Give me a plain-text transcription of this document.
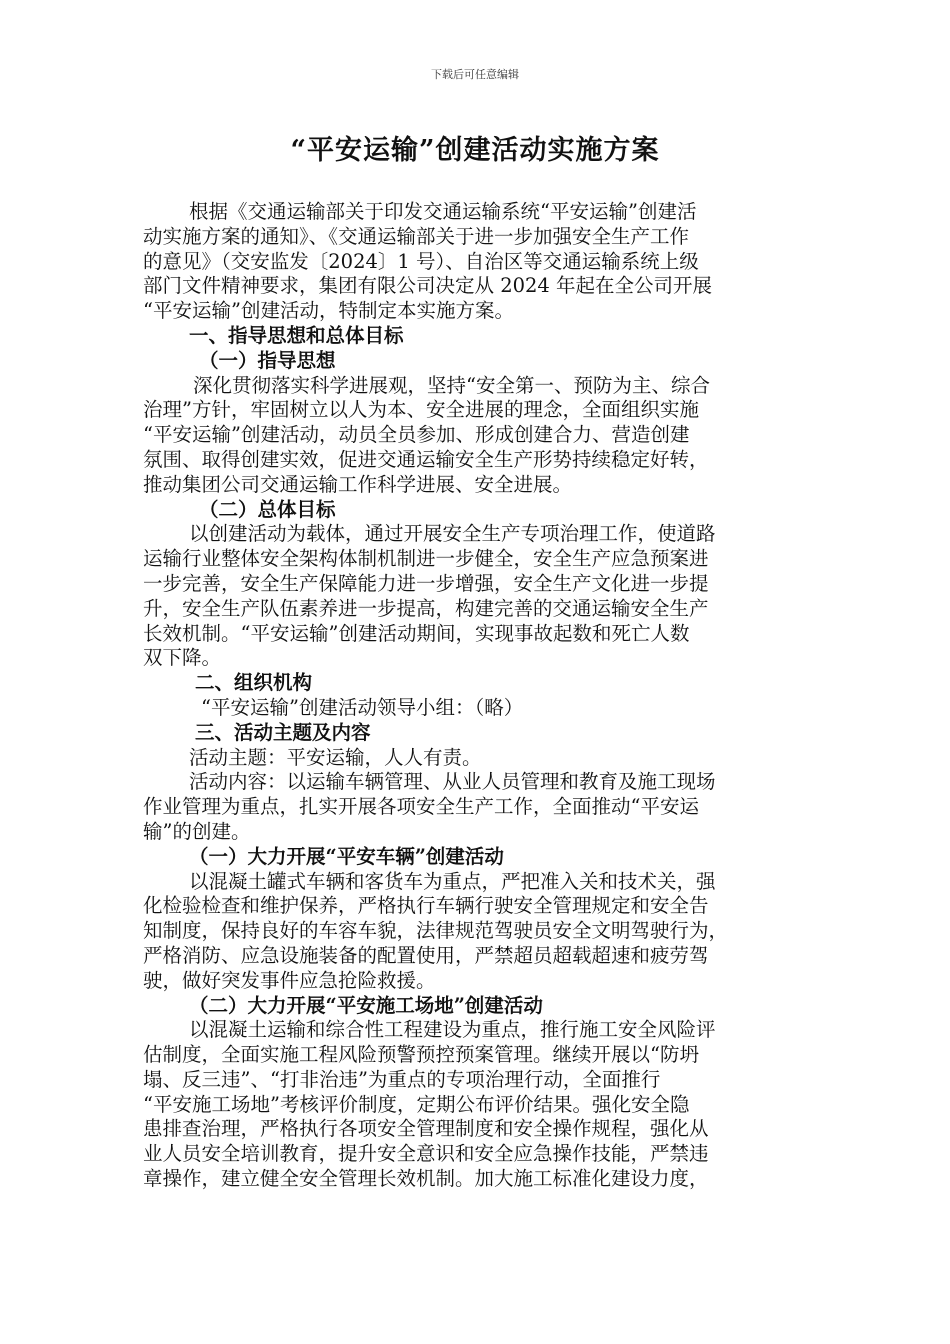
下载后可任意编辑
“平安运输”创建活动实施方案
根据《交通运输部关于印发交通运输系统“平安运输”创建活
动实施方案的通知》、《交通运输部关于进一步加强安全生产工作
的意见》（交安监发〔2024〕1 号）、自治区等交通运输系统上级
部门文件精神要求，集团有限公司决定从 2024 年起在全公司开展
“平安运输”创建活动，特制定本实施方案。
一、指导思想和总体目标
（一）指导思想
深化贯彻落实科学进展观，坚持“安全第一、预防为主、综合
治理”方针，牢固树立以人为本、安全进展的理念，全面组织实施
“平安运输”创建活动，动员全员参加、形成创建合力、营造创建
氛围、取得创建实效，促进交通运输安全生产形势持续稳定好转，
推动集团公司交通运输工作科学进展、安全进展。
（二）总体目标
以创建活动为载体，通过开展安全生产专项治理工作，使道路
运输行业整体安全架构体制机制进一步健全，安全生产应急预案进
一步完善，安全生产保障能力进一步增强，安全生产文化进一步提
升，安全生产队伍素养进一步提高，构建完善的交通运输安全生产
长效机制。“平安运输”创建活动期间，实现事故起数和死亡人数
双下降。
二、组织机构
“平安运输”创建活动领导小组：（略）
三、活动主题及内容
活动主题：平安运输，人人有责。
活动内容：以运输车辆管理、从业人员管理和教育及施工现场
作业管理为重点，扎实开展各项安全生产工作，全面推动“平安运
输”的创建。
（一）大力开展“平安车辆”创建活动
以混凝土罐式车辆和客货车为重点，严把准入关和技术关，强
化检验检查和维护保养，严格执行车辆行驶安全管理规定和安全告
知制度，保持良好的车容车貌，法律规范驾驶员安全文明驾驶行为，
严格消防、应急设施装备的配置使用，严禁超员超载超速和疲劳驾
驶，做好突发事件应急抢险救援。
（二）大力开展“平安施工场地”创建活动
以混凝土运输和综合性工程建设为重点，推行施工安全风险评
估制度，全面实施工程风险预警预控预案管理。继续开展以“防坍
塌、反三违”、“打非治违”为重点的专项治理行动，全面推行
“平安施工场地”考核评价制度，定期公布评价结果。强化安全隐
患排查治理，严格执行各项安全管理制度和安全操作规程，强化从
业人员安全培训教育，提升安全意识和安全应急操作技能，严禁违
章操作，建立健全安全管理长效机制。加大施工标准化建设力度，
